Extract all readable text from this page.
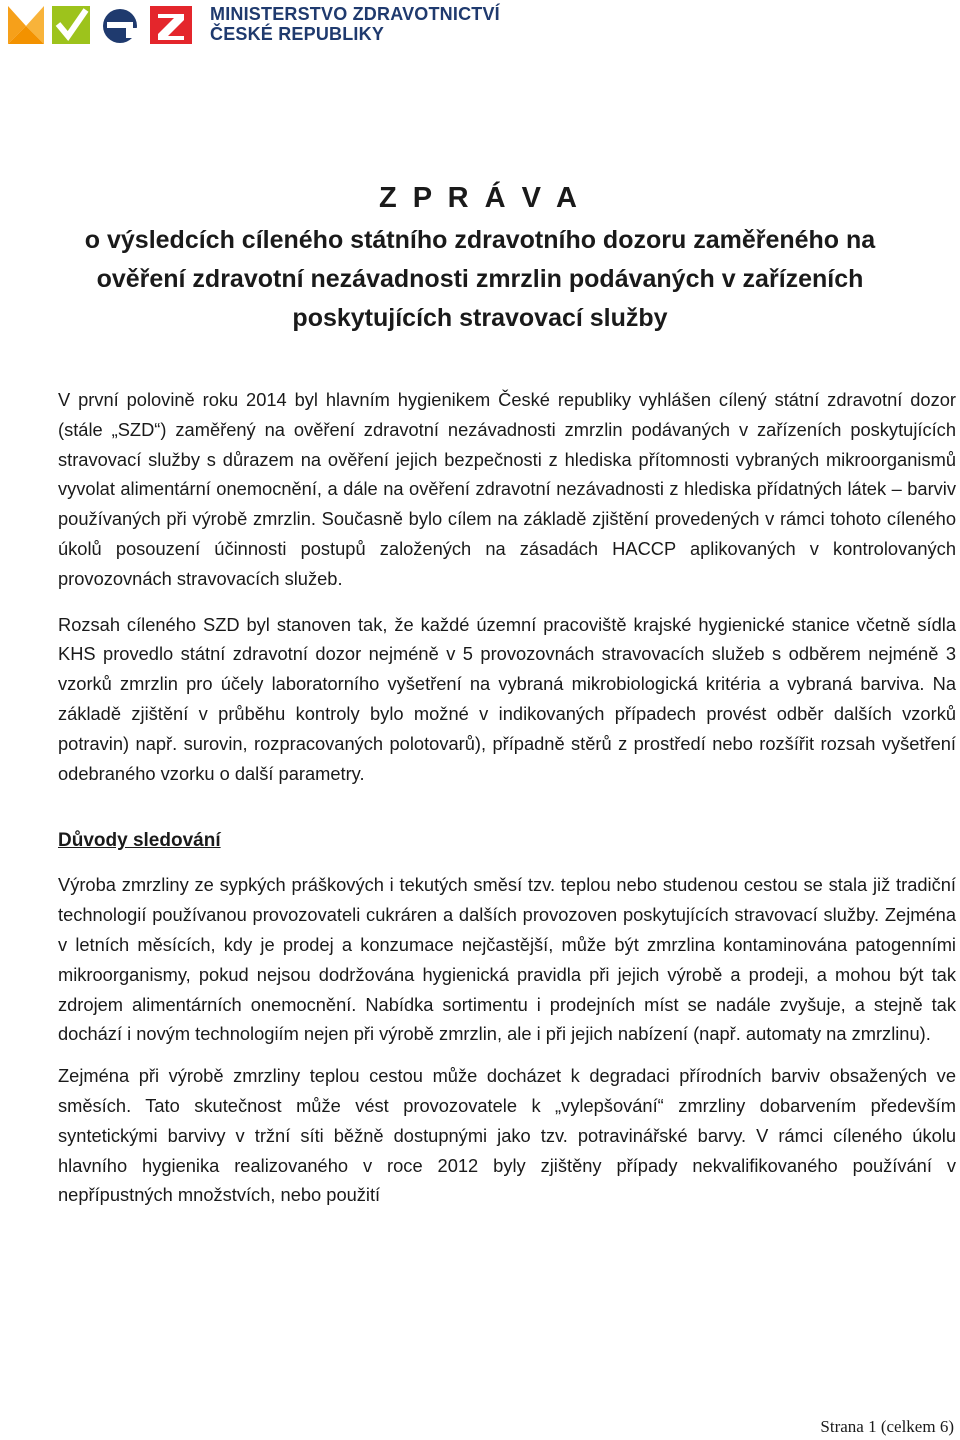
MINISTERSTVO ZDRAVOTNICTVÍ
ČESKÉ REPUBLIKY
Z P R Á V A
o výsledcích cíleného státního zdravotního dozoru zaměřeného na ověření zdravotní nezávadnosti zmrzlin podávaných v zařízeních poskytujících stravovací služby

V první polovině roku 2014 byl hlavním hygienikem České republiky vyhlášen cílený státní zdravotní dozor (stále „SZD“) zaměřený na ověření zdravotní nezávadnosti zmrzlin podávaných v zařízeních poskytujících stravovací služby s důrazem na ověření jejich bezpečnosti z hlediska přítomnosti vybraných mikroorganismů vyvolat alimentární onemocnění, a dále na ověření zdravotní nezávadnosti z hlediska přídatných látek – barviv používaných při výrobě zmrzlin. Současně bylo cílem na základě zjištění provedených v rámci tohoto cíleného úkolů posouzení účinnosti postupů založených na zásadách HACCP aplikovaných v kontrolovaných provozovnách stravovacích služeb.

Rozsah cíleného SZD byl stanoven tak, že každé územní pracoviště krajské hygienické stanice včetně sídla KHS provedlo státní zdravotní dozor nejméně v 5 provozovnách stravovacích služeb s odběrem nejméně 3 vzorků zmrzlin pro účely laboratorního vyšetření na vybraná mikrobiologická kritéria a vybraná barviva. Na základě zjištění v průběhu kontroly bylo možné v indikovaných případech provést odběr dalších vzorků potravin) např. surovin, rozpracovaných polotovarů), případně stěrů z prostředí nebo rozšířit rozsah vyšetření odebraného vzorku o další parametry.

Důvody sledování

Výroba zmrzliny ze sypkých práškových i tekutých směsí tzv. teplou nebo studenou cestou se stala již tradiční technologií používanou provozovateli cukráren a dalších provozoven poskytujících stravovací služby. Zejména v letních měsících, kdy je prodej a konzumace nejčastější, může být zmrzlina kontaminována patogenními mikroorganismy, pokud nejsou dodržována hygienická pravidla při jejich výrobě a prodeji, a mohou být tak zdrojem alimentárních onemocnění. Nabídka sortimentu i prodejních míst se nadále zvyšuje, a stejně tak dochází i novým technologiím nejen při výrobě zmrzlin, ale i při jejich nabízení (např. automaty na zmrzlinu).

Zejména při výrobě zmrzliny teplou cestou může docházet k degradaci přírodních barviv obsažených ve směsích. Tato skutečnost může vést provozovatele k „vylepšování“ zmrzliny dobarvením především syntetickými barvivy v tržní síti běžně dostupnými jako tzv. potravinářské barvy. V rámci cíleného úkolu hlavního hygienika realizovaného v roce 2012 byly zjištěny případy nekvalifikovaného používání v nepřípustných množstvích, nebo použití

Strana 1 (celkem 6)
